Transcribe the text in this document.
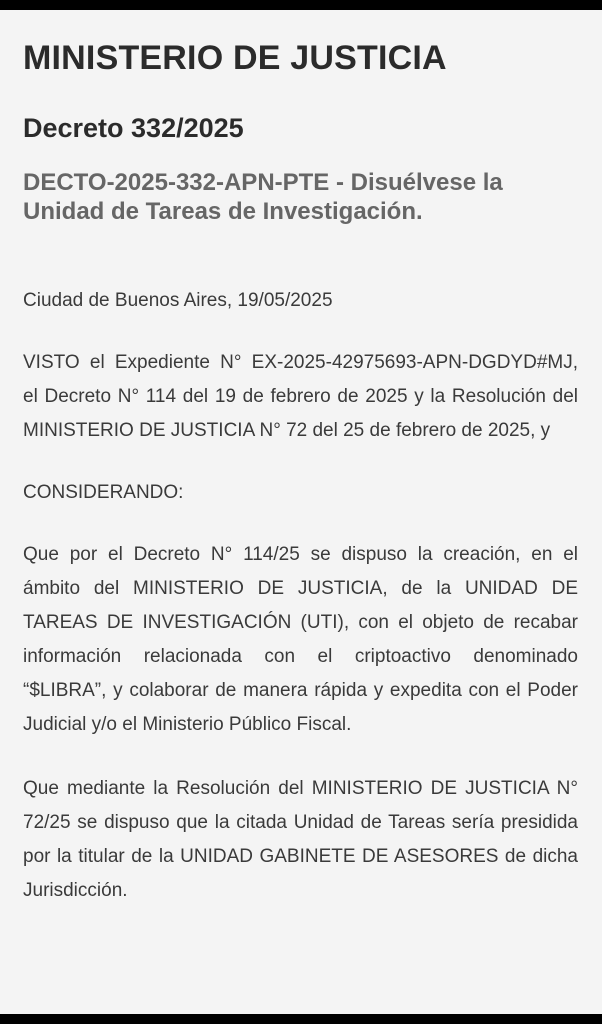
MINISTERIO DE JUSTICIA
Decreto 332/2025
DECTO-2025-332-APN-PTE - Disuélvese la Unidad de Tareas de Investigación.

Ciudad de Buenos Aires, 19/05/2025

VISTO el Expediente N° EX-2025-42975693-APN-DGDYD#MJ, el Decreto N° 114 del 19 de febrero de 2025 y la Resolución del MINISTERIO DE JUSTICIA N° 72 del 25 de febrero de 2025, y

CONSIDERANDO:

Que por el Decreto N° 114/25 se dispuso la creación, en el ámbito del MINISTERIO DE JUSTICIA, de la UNIDAD DE TAREAS DE INVESTIGACIÓN (UTI), con el objeto de recabar información relacionada con el criptoactivo denominado “$LIBRA”, y colaborar de manera rápida y expedita con el Poder Judicial y/o el Ministerio Público Fiscal.

Que mediante la Resolución del MINISTERIO DE JUSTICIA N° 72/25 se dispuso que la citada Unidad de Tareas sería presidida por la titular de la UNIDAD GABINETE DE ASESORES de dicha Jurisdicción.
